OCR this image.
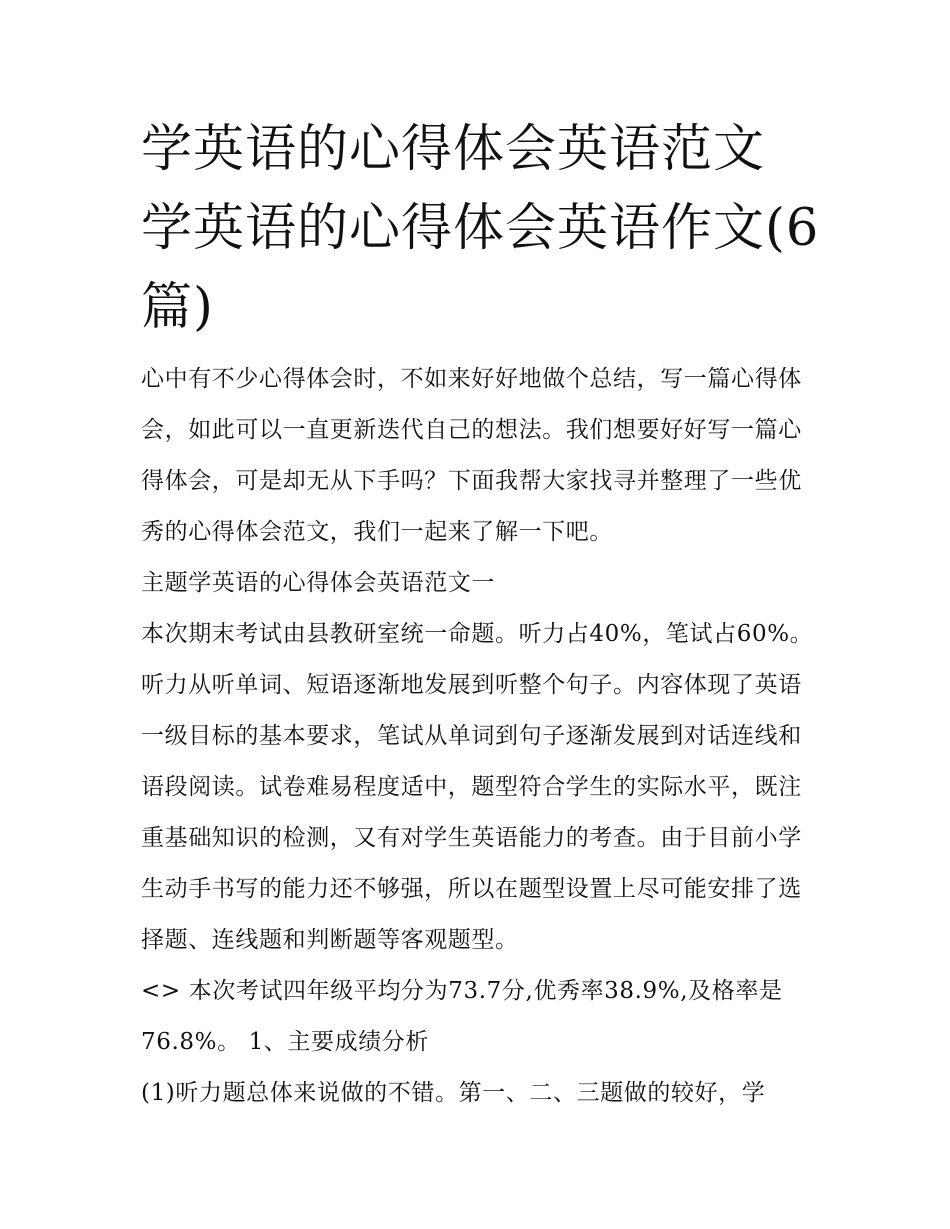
学英语的心得体会英语范文 学英语的心得体会英语作文(6篇)

心中有不少心得体会时，不如来好好地做个总结，写一篇心得体会，如此可以一直更新迭代自己的想法。我们想要好好写一篇心得体会，可是却无从下手吗？下面我帮大家找寻并整理了一些优秀的心得体会范文，我们一起来了解一下吧。

主题学英语的心得体会英语范文一

本次期末考试由县教研室统一命题。听力占40%，笔试占60%。听力从听单词、短语逐渐地发展到听整个句子。内容体现了英语一级目标的基本要求，笔试从单词到句子逐渐发展到对话连线和语段阅读。试卷难易程度适中，题型符合学生的实际水平，既注重基础知识的检测，又有对学生英语能力的考查。由于目前小学生动手书写的能力还不够强，所以在题型设置上尽可能安排了选择题、连线题和判断题等客观题型。

<> 本次考试四年级平均分为73.7分,优秀率38.9%,及格率是76.8%。 1、主要成绩分析

(1)听力题总体来说做的不错。第一、二、三题做的较好，学
